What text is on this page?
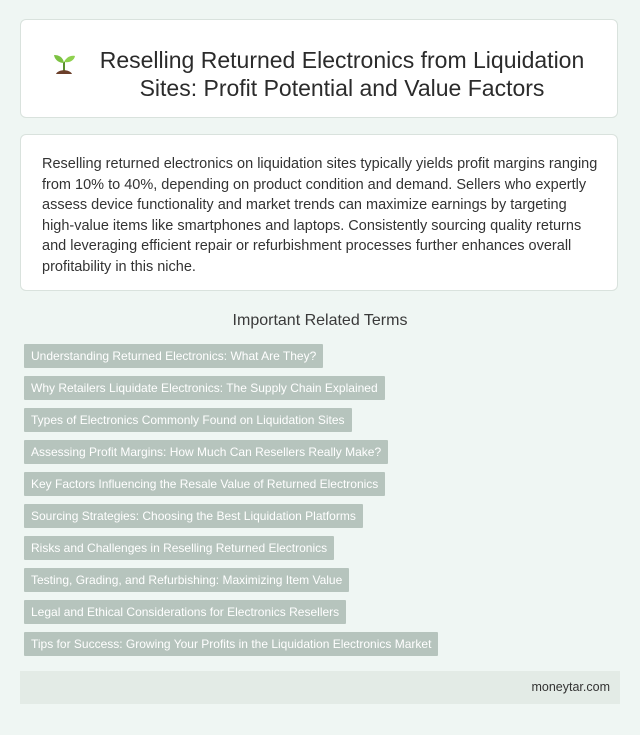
Reselling Returned Electronics from Liquidation Sites: Profit Potential and Value Factors

Reselling returned electronics on liquidation sites typically yields profit margins ranging from 10% to 40%, depending on product condition and demand. Sellers who expertly assess device functionality and market trends can maximize earnings by targeting high-value items like smartphones and laptops. Consistently sourcing quality returns and leveraging efficient repair or refurbishment processes further enhances overall profitability in this niche.

Important Related Terms
Understanding Returned Electronics: What Are They?
Why Retailers Liquidate Electronics: The Supply Chain Explained
Types of Electronics Commonly Found on Liquidation Sites
Assessing Profit Margins: How Much Can Resellers Really Make?
Key Factors Influencing the Resale Value of Returned Electronics
Sourcing Strategies: Choosing the Best Liquidation Platforms
Risks and Challenges in Reselling Returned Electronics
Testing, Grading, and Refurbishing: Maximizing Item Value
Legal and Ethical Considerations for Electronics Resellers
Tips for Success: Growing Your Profits in the Liquidation Electronics Market
moneytar.com
